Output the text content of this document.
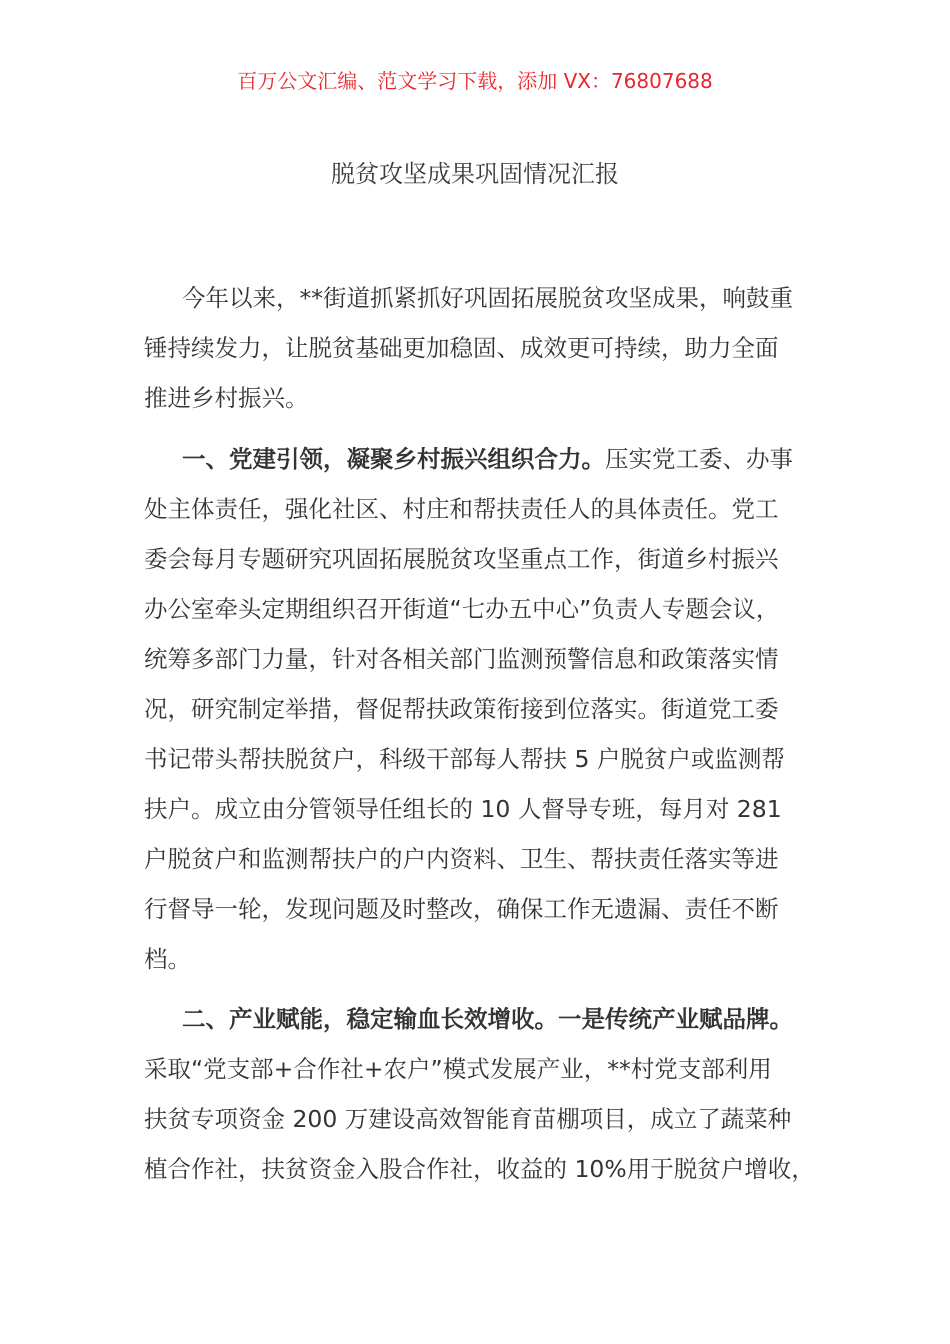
百万公文汇编、范文学习下载，添加 VX：76807688
脱贫攻坚成果巩固情况汇报
今年以来，**街道抓紧抓好巩固拓展脱贫攻坚成果，响鼓重
锤持续发力，让脱贫基础更加稳固、成效更可持续，助力全面
推进乡村振兴。
一、党建引领，凝聚乡村振兴组织合力。压实党工委、办事
处主体责任，强化社区、村庄和帮扶责任人的具体责任。党工
委会每月专题研究巩固拓展脱贫攻坚重点工作，街道乡村振兴
办公室牵头定期组织召开街道“七办五中心”负责人专题会议，
统筹多部门力量，针对各相关部门监测预警信息和政策落实情
况，研究制定举措，督促帮扶政策衔接到位落实。街道党工委
书记带头帮扶脱贫户，科级干部每人帮扶 5 户脱贫户或监测帮
扶户。成立由分管领导任组长的 10 人督导专班，每月对 281
户脱贫户和监测帮扶户的户内资料、卫生、帮扶责任落实等进
行督导一轮，发现问题及时整改，确保工作无遗漏、责任不断
档。
二、产业赋能，稳定输血长效增收。一是传统产业赋品牌。
采取“党支部+合作社+农户”模式发展产业，**村党支部利用
扶贫专项资金 200 万建设高效智能育苗棚项目，成立了蔬菜种
植合作社，扶贫资金入股合作社，收益的 10%用于脱贫户增收，
